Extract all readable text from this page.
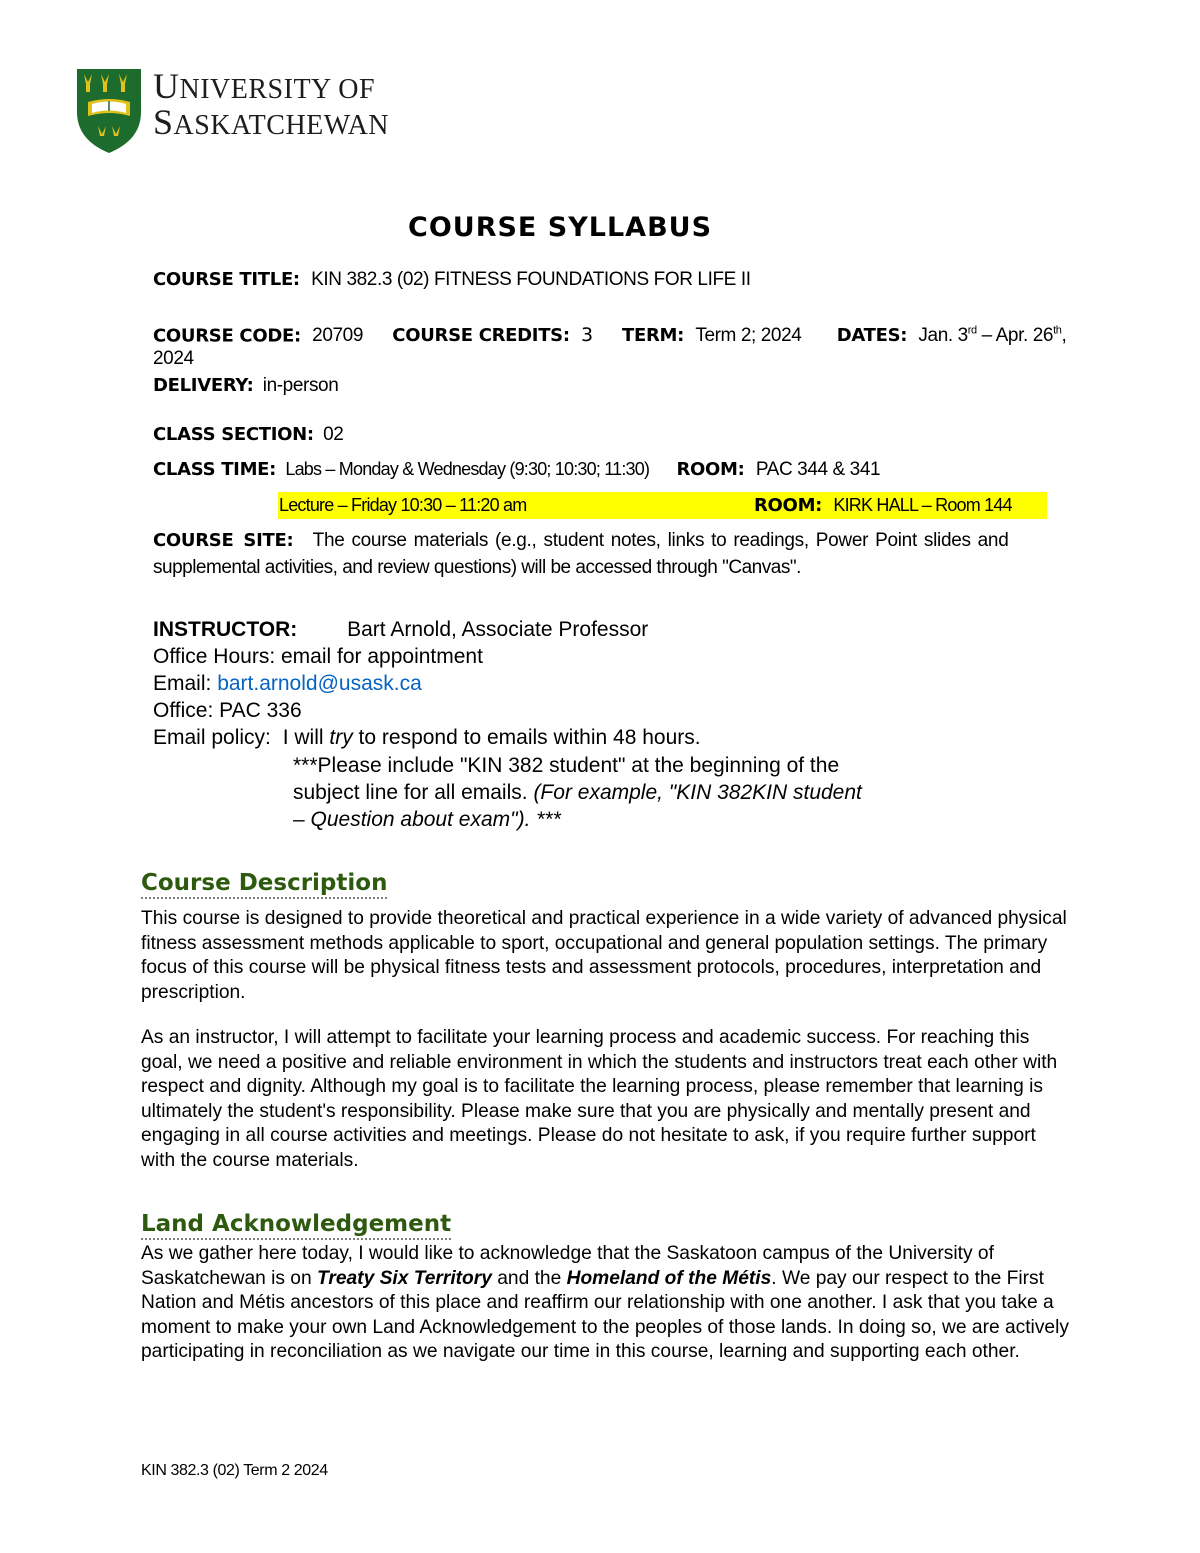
UNIVERSITY OF
SASKATCHEWAN
COURSE SYLLABUS
COURSE TITLE: KIN 382.3 (02) FITNESS FOUNDATIONS FOR LIFE II
COURSE CODE: 20709 COURSE CREDITS: 3 TERM: Term 2; 2024 DATES: Jan. 3rd – Apr. 26th,
2024
DELIVERY: in-person
CLASS SECTION: 02
CLASS TIME: Labs – Monday & Wednesday (9:30; 10:30; 11:30) ROOM: PAC 344 & 341
Lecture – Friday 10:30 – 11:20 am	ROOM: KIRK HALL – Room 144
COURSE SITE: The course materials (e.g., student notes, links to readings, Power Point slides and
supplemental activities, and review questions) will be accessed through "Canvas".
INSTRUCTOR: Bart Arnold, Associate Professor
Office Hours: email for appointment
Email: bart.arnold@usask.ca
Office: PAC 336
Email policy: I will try to respond to emails within 48 hours.
***Please include "KIN 382 student" at the beginning of the
subject line for all emails. (For example, "KIN 382KIN student
– Question about exam"). ***
Course Description
This course is designed to provide theoretical and practical experience in a wide variety of advanced physical fitness assessment methods applicable to sport, occupational and general population settings. The primary focus of this course will be physical fitness tests and assessment protocols, procedures, interpretation and prescription.
As an instructor, I will attempt to facilitate your learning process and academic success. For reaching this goal, we need a positive and reliable environment in which the students and instructors treat each other with respect and dignity. Although my goal is to facilitate the learning process, please remember that learning is ultimately the student's responsibility. Please make sure that you are physically and mentally present and engaging in all course activities and meetings. Please do not hesitate to ask, if you require further support with the course materials.
Land Acknowledgement
As we gather here today, I would like to acknowledge that the Saskatoon campus of the University of Saskatchewan is on Treaty Six Territory and the Homeland of the Métis. We pay our respect to the First Nation and Métis ancestors of this place and reaffirm our relationship with one another. I ask that you take a moment to make your own Land Acknowledgement to the peoples of those lands. In doing so, we are actively participating in reconciliation as we navigate our time in this course, learning and supporting each other.
KIN 382.3 (02) Term 2 2024
